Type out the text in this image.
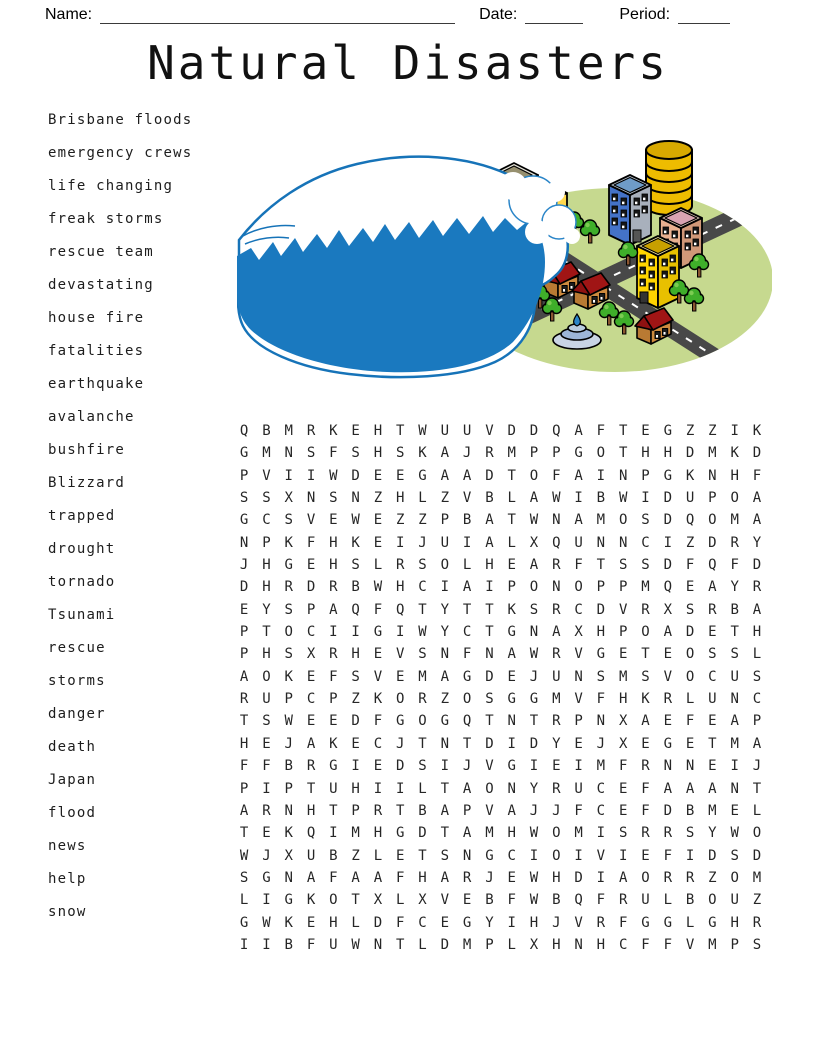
Name:	Date:	Period:
Natural Disasters
Brisbane floods
emergency crews
life changing
freak storms
rescue team
devastating
house fire
fatalities
earthquake
avalanche
bushfire
Blizzard
trapped
drought
tornado
Tsunami
rescue
storms
danger
death
Japan
flood
news
help
snow
Q B M R K E H T W U U V D D Q A F T E G Z Z I K
G M N S F S H S K A J R M P P G O T H H D M K D
P V I I W D E E G A A D T O F A I N P G K N H F
S S X N S N Z H L Z V B L A W I B W I D U P O A
G C S V E W E Z Z P B A T W N A M O S D Q O M A
N P K F H K E I J U I A L X Q U N N C I Z D R Y
J H G E H S L R S O L H E A R F T S S D F Q F D
D H R D R B W H C I A I P O N O P P M Q E A Y R
E Y S P A Q F Q T Y T T K S R C D V R X S R B A
P T O C I I G I W Y C T G N A X H P O A D E T H
P H S X R H E V S N F N A W R V G E T E O S S L
A O K E F S V E M A G D E J U N S M S V O C U S
R U P C P Z K O R Z O S G G M V F H K R L U N C
T S W E E D F G O G Q T N T R P N X A E F E A P
H E J A K E C J T N T D I D Y E J X E G E T M A
F F B R G I E D S I J V G I E I M F R N N E I J
P I P T U H I I L T A O N Y R U C E F A A A N T
A R N H T P R T B A P V A J J F C E F D B M E L
T E K Q I M H G D T A M H W O M I S R R S Y W O
W J X U B Z L E T S N G C I O I V I E F I D S D
S G N A F A A F H A R J E W H D I A O R R Z O M
L I G K O T X L X V E B F W B Q F R U L B O U Z
G W K E H L D F C E G Y I H J V R F G G L G H R
I I B F U W N T L D M P L X H N H C F F V M P S
